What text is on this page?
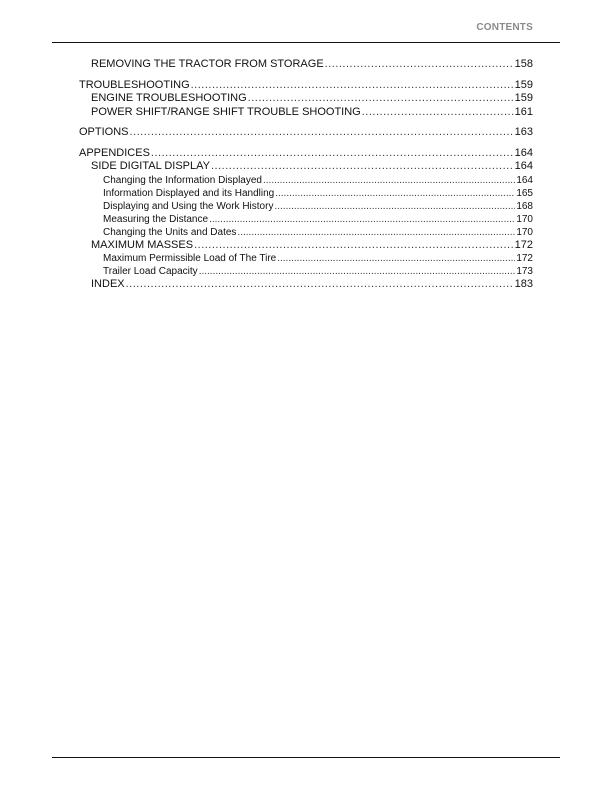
CONTENTS
REMOVING THE TRACTOR FROM STORAGE .....	158
TROUBLESHOOTING .....	159
ENGINE TROUBLESHOOTING .....	159
POWER SHIFT/RANGE SHIFT TROUBLE SHOOTING .....	161
OPTIONS .....	163
APPENDICES .....	164
SIDE DIGITAL DISPLAY .....	164
Changing the Information Displayed .....	164
Information Displayed and its Handling .....	165
Displaying and Using the Work History .....	168
Measuring the Distance .....	170
Changing the Units and Dates .....	170
MAXIMUM MASSES .....	172
Maximum Permissible Load of The Tire .....	172
Trailer Load Capacity .....	173
INDEX .....	183
